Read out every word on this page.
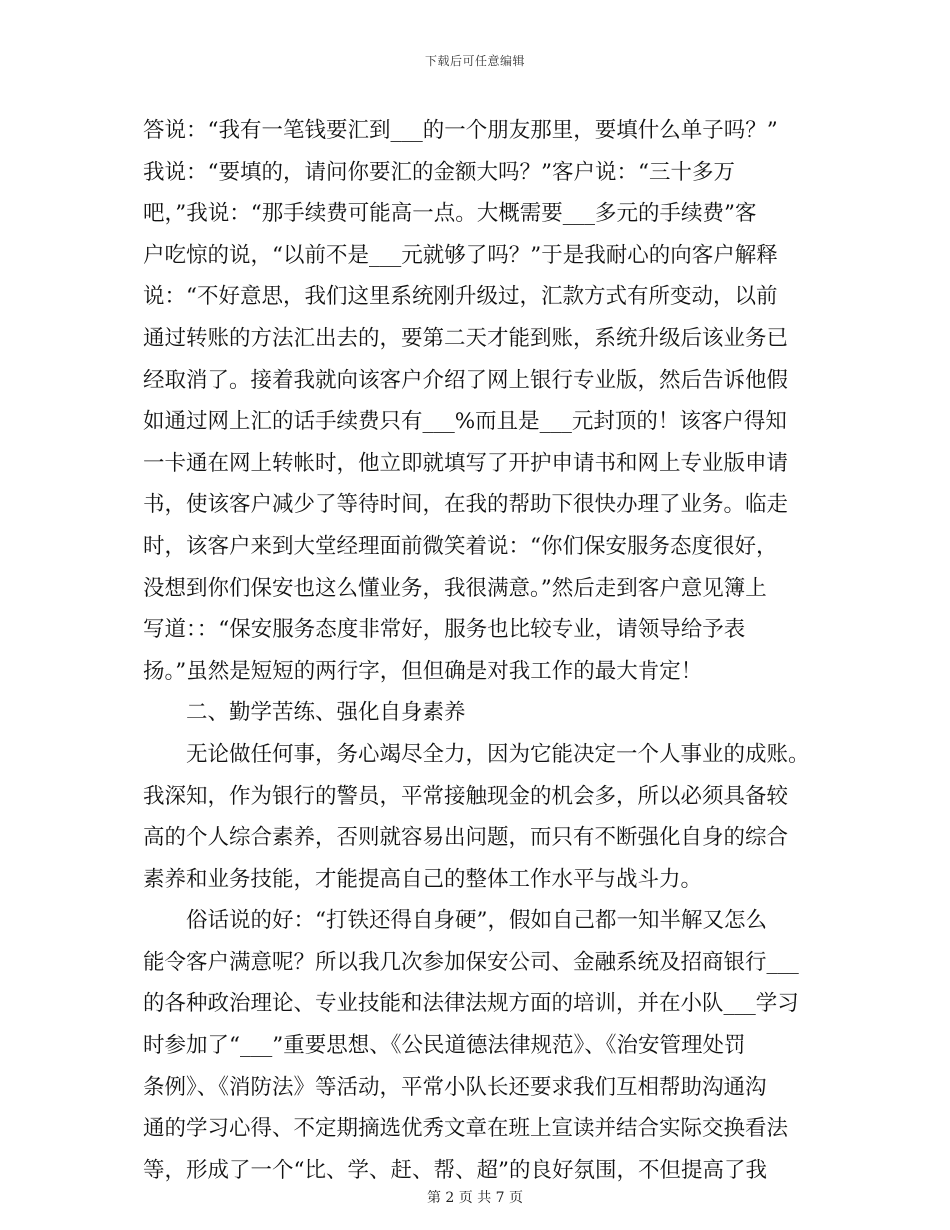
下载后可任意编辑
答说：“我有一笔钱要汇到___的一个朋友那里，要填什么单子吗？”
我说：“要填的，请问你要汇的金额大吗？”客户说：“三十多万
吧，”我说：“那手续费可能高一点。大概需要___多元的手续费”客
户吃惊的说，“以前不是___元就够了吗？”于是我耐心的向客户解释
说：“不好意思，我们这里系统刚升级过，汇款方式有所变动，以前
通过转账的方法汇出去的，要第二天才能到账，系统升级后该业务已
经取消了。接着我就向该客户介绍了网上银行专业版，然后告诉他假
如通过网上汇的话手续费只有___%而且是___元封顶的！该客户得知
一卡通在网上转帐时，他立即就填写了开护申请书和网上专业版申请
书，使该客户减少了等待时间，在我的帮助下很快办理了业务。临走
时，该客户来到大堂经理面前微笑着说：“你们保安服务态度很好，
没想到你们保安也这么懂业务，我很满意。”然后走到客户意见簿上
写道：：“保安服务态度非常好，服务也比较专业，请领导给予表
扬。”虽然是短短的两行字，但但确是对我工作的最大肯定！
　　二、勤学苦练、强化自身素养
　　无论做任何事，务心竭尽全力，因为它能决定一个人事业的成账。
我深知，作为银行的警员，平常接触现金的机会多，所以必须具备较
高的个人综合素养，否则就容易出问题，而只有不断强化自身的综合
素养和业务技能，才能提高自己的整体工作水平与战斗力。
　　俗话说的好：“打铁还得自身硬”，假如自己都一知半解又怎么
能令客户满意呢？所以我几次参加保安公司、金融系统及招商银行___
的各种政治理论、专业技能和法律法规方面的培训，并在小队___学习
时参加了“___”重要思想、《公民道德法律规范》、《治安管理处罚
条例》、《消防法》等活动，平常小队长还要求我们互相帮助沟通沟
通的学习心得、不定期摘选优秀文章在班上宣读并结合实际交换看法
等，形成了一个“比、学、赶、帮、超”的良好氛围，不但提高了我
第 2 页 共 7 页
